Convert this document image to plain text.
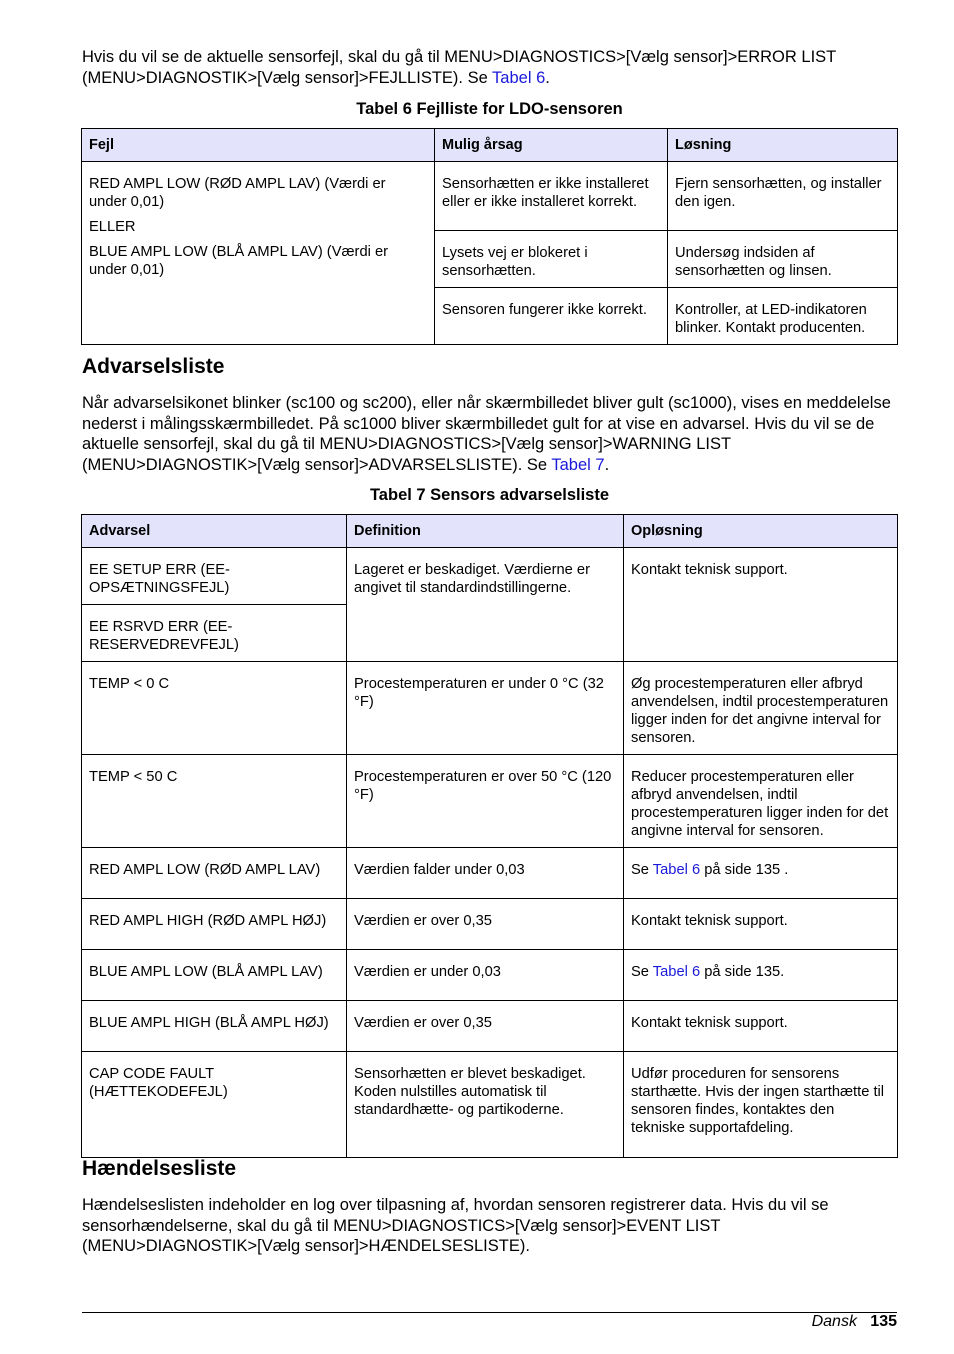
Hvis du vil se de aktuelle sensorfejl, skal du gå til MENU>DIAGNOSTICS>[Vælg sensor]>ERROR LIST (MENU>DIAGNOSTIK>[Vælg sensor]>FEJLLISTE). Se Tabel 6.
Tabel 6 Fejlliste for LDO-sensoren
Fejl	Mulig årsag	Løsning

RED AMPL LOW (RØD AMPL LAV) (Værdi er under 0,01)

ELLER

BLUE AMPL LOW (BLÅ AMPL LAV) (Værdi er under 0,01)	Sensorhætten er ikke installeret eller er ikke installeret korrekt.	Fjern sensorhætten, og installer den igen.
	Lysets vej er blokeret i sensorhætten.	Undersøg indsiden af sensorhætten og linsen.
	Sensoren fungerer ikke korrekt.	Kontroller, at LED-indikatoren blinker. Kontakt producenten.
Advarselsliste
Når advarselsikonet blinker (sc100 og sc200), eller når skærmbilledet bliver gult (sc1000), vises en meddelelse nederst i målingsskærmbilledet. På sc1000 bliver skærmbilledet gult for at vise en advarsel. Hvis du vil se de aktuelle sensorfejl, skal du gå til MENU>DIAGNOSTICS>[Vælg sensor]>WARNING LIST (MENU>DIAGNOSTIK>[Vælg sensor]>ADVARSELSLISTE). Se Tabel 7.
Tabel 7 Sensors advarselsliste
Advarsel	Definition	Opløsning
EE SETUP ERR (EE-OPSÆTNINGSFEJL)	Lageret er beskadiget. Værdierne er angivet til standardindstillingerne.	Kontakt teknisk support.
EE RSRVD ERR (EE-RESERVEDREVFEJL)		
TEMP < 0 C	Procestemperaturen er under 0 °C (32 °F)	Øg procestemperaturen eller afbryd anvendelsen, indtil procestemperaturen ligger inden for det angivne interval for sensoren.
TEMP < 50 C	Procestemperaturen er over 50 °C (120 °F)	Reducer procestemperaturen eller afbryd anvendelsen, indtil procestemperaturen ligger inden for det angivne interval for sensoren.
RED AMPL LOW (RØD AMPL LAV)	Værdien falder under 0,03	Se Tabel 6 på side 135 .
RED AMPL HIGH (RØD AMPL HØJ)	Værdien er over 0,35	Kontakt teknisk support.
BLUE AMPL LOW (BLÅ AMPL LAV)	Værdien er under 0,03	Se Tabel 6 på side 135.
BLUE AMPL HIGH (BLÅ AMPL HØJ)	Værdien er over 0,35	Kontakt teknisk support.
CAP CODE FAULT (HÆTTEKODEFEJL)	Sensorhætten er blevet beskadiget. Koden nulstilles automatisk til standardhætte- og partikoderne.	Udfør proceduren for sensorens starthætte. Hvis der ingen starthætte til sensoren findes, kontaktes den tekniske supportafdeling.
Hændelsesliste
Hændelseslisten indeholder en log over tilpasning af, hvordan sensoren registrerer data. Hvis du vil se sensorhændelserne, skal du gå til MENU>DIAGNOSTICS>[Vælg sensor]>EVENT LIST (MENU>DIAGNOSTIK>[Vælg sensor]>HÆNDELSESLISTE).
Dansk 135
